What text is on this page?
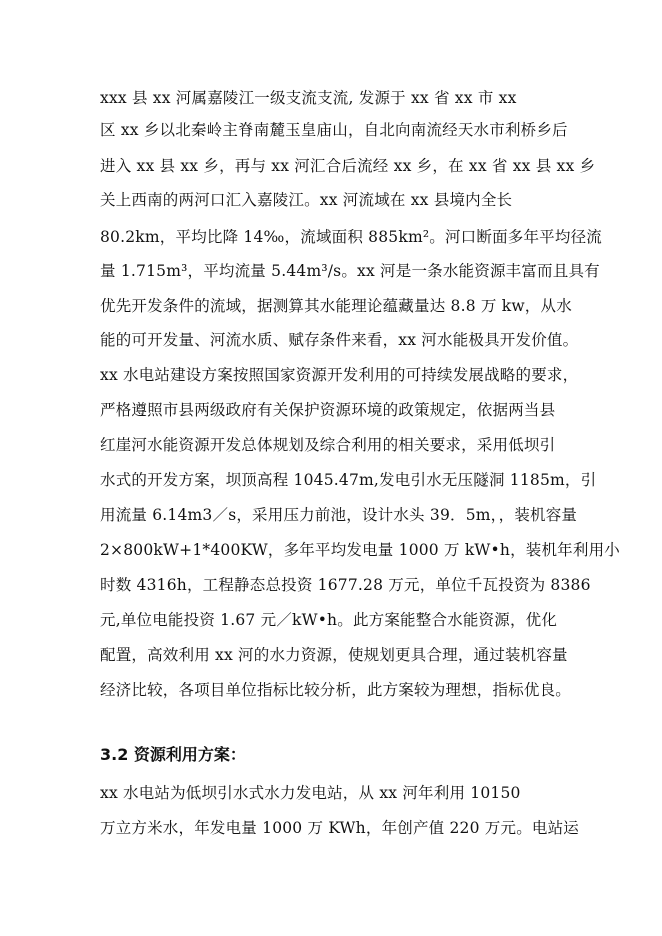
xxx 县 xx 河属嘉陵江一级支流支流, 发源于 xx 省 xx 市 xx
区 xx 乡以北秦岭主脊南麓玉皇庙山，自北向南流经天水市利桥乡后
进入 xx 县 xx 乡，再与 xx 河汇合后流经 xx 乡，在 xx 省 xx 县 xx 乡
关上西南的两河口汇入嘉陵江。xx 河流域在 xx 县境内全长
80.2km，平均比降 14‰，流域面积 885km²。河口断面多年平均径流
量 1.715m³，平均流量 5.44m³/s。xx 河是一条水能资源丰富而且具有
优先开发条件的流域，据测算其水能理论蕴藏量达 8.8 万 kw，从水
能的可开发量、河流水质、赋存条件来看，xx 河水能极具开发价值。
xx 水电站建设方案按照国家资源开发利用的可持续发展战略的要求，
严格遵照市县两级政府有关保护资源环境的政策规定，依据两当县
红崖河水能资源开发总体规划及综合利用的相关要求，采用低坝引
水式的开发方案，坝顶高程 1045.47m,发电引水无压隧洞 1185m，引
用流量 6.14m3／s，采用压力前池，设计水头 39．5m，，装机容量
2×800kW+1*400KW，多年平均发电量 1000 万 kW•h，装机年利用小
时数 4316h，工程静态总投资 1677.28 万元，单位千瓦投资为 8386
元,单位电能投资 1.67 元／kW•h。此方案能整合水能资源，优化
配置，高效利用 xx 河的水力资源，使规划更具合理，通过装机容量
经济比较，各项目单位指标比较分析，此方案较为理想，指标优良。
3.2 资源利用方案：
xx 水电站为低坝引水式水力发电站，从 xx 河年利用 10150
万立方米水，年发电量 1000 万 KWh，年创产值 220 万元。电站运
